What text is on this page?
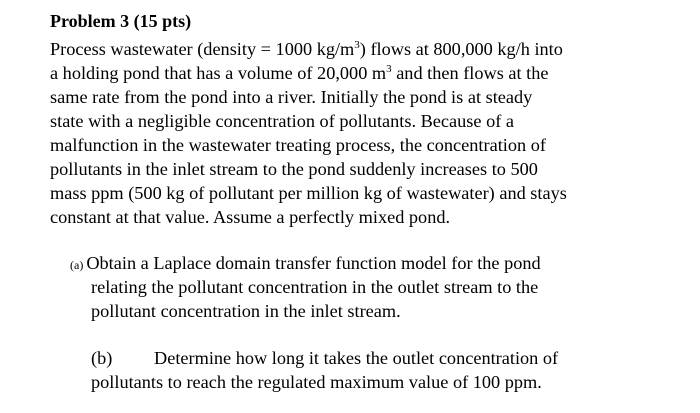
Problem 3 (15 pts)
Process wastewater (density = 1000 $kg/m^3$) flows at 800,000 kg/h into
a holding pond that has a volume of 20,000 $m^3$ and then flows at the
same rate from the pond into a river. Initially the pond is at steady
state with a negligible concentration of pollutants. Because of a
malfunction in the wastewater treating process, the concentration of
pollutants in the inlet stream to the pond suddenly increases to 500
mass ppm (500 kg of pollutant per million kg of wastewater) and stays
constant at that value. Assume a perfectly mixed pond.
(a) Obtain a Laplace domain transfer function model for the pond
relating the pollutant concentration in the outlet stream to the
pollutant concentration in the inlet stream.
(b) Determine how long it takes the outlet concentration of
pollutants to reach the regulated maximum value of 100 ppm.
